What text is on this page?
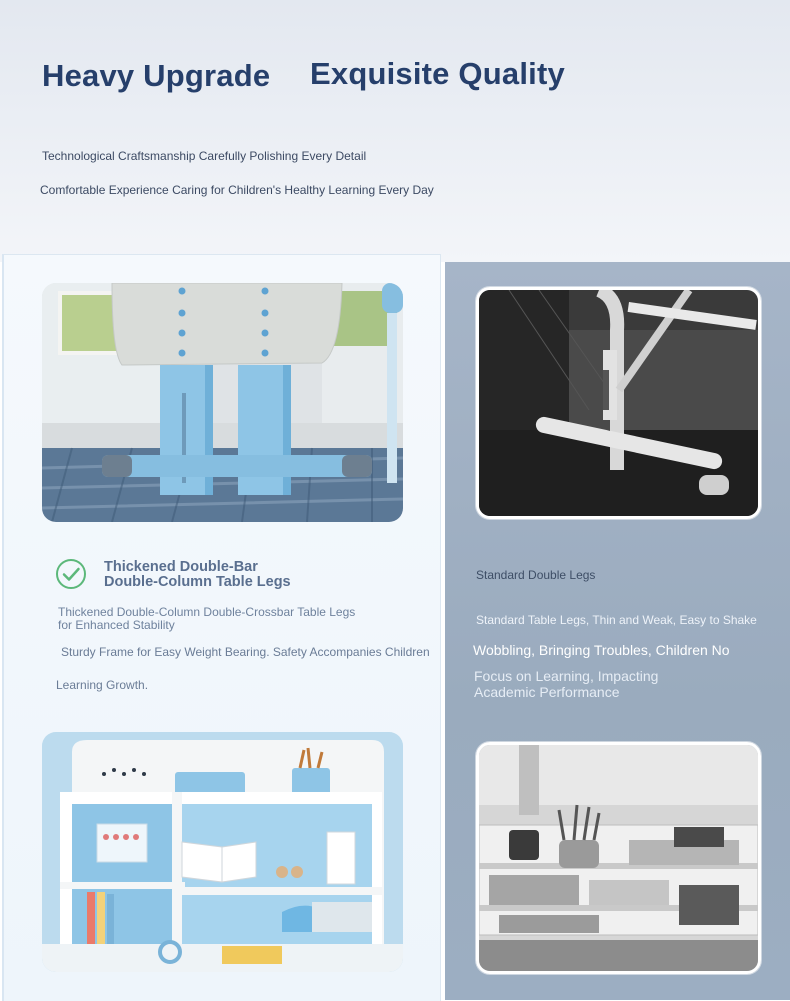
Heavy Upgrade Exquisite Quality
Technological Craftsmanship Carefully Polishing Every Detail
Comfortable Experience Caring for Children's Healthy Learning Every Day
Thickened Double-Bar
Double-Column Table Legs
Thickened Double-Column Double-Crossbar Table Legs
for Enhanced Stability
Sturdy Frame for Easy Weight Bearing. Safety Accompanies Children
Learning Growth.
Standard Double Legs
Standard Table Legs, Thin and Weak, Easy to Shake
Wobbling, Bringing Troubles, Children No
Focus on Learning, Impacting
Academic Performance
